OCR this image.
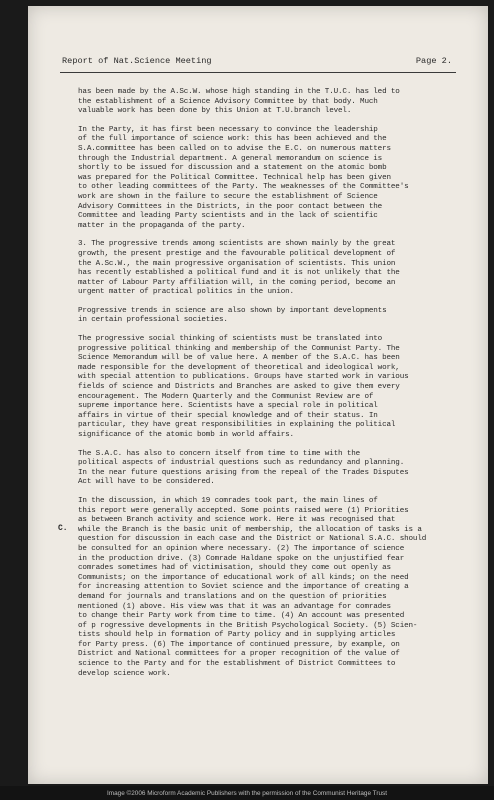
Report of Nat.Science Meeting	Page 2.

has been made by the A.Sc.W. whose high standing in the T.U.C. has led to
the establishment of a Science Advisory Committee by that body. Much
valuable work has been done by this Union at T.U.branch level.

In the Party, it has first been necessary to convince the leadership
of the full importance of science work: this has been achieved and the
S.A.committee has been called on to advise the E.C. on numerous matters
through the Industrial department. A general memorandum on science is
shortly to be issued for discussion and a statement on the atomic bomb
was prepared for the Political Committee. Technical help has been given
to other leading committees of the Party. The weaknesses of the Committee's
work are shown in the failure to secure the establishment of Science
Advisory Committees in the Districts, in the poor contact between the
Committee and leading Party scientists and in the lack of scientific
matter in the propaganda of the party.

3. The progressive trends among scientists are shown mainly by the great
growth, the present prestige and the favourable political development of
the A.Sc.W., the main progressive organisation of scientists. This union
has recently established a political fund and it is not unlikely that the
matter of Labour Party affiliation will, in the coming period, become an
urgent matter of practical politics in the union.

Progressive trends in science are also shown by important developments
in certain professional societies.

The progressive social thinking of scientists must be translated into
progressive political thinking and membership of the Communist Party. The
Science Memorandum will be of value here. A member of the S.A.C. has been
made responsible for the development of theoretical and ideological work,
with special attention to publications. Groups have started work in various
fields of science and Districts and Branches are asked to give them every
encouragement. The Modern Quarterly and the Communist Review are of
supreme importance here. Scientists have a special role in political
affairs in virtue of their special knowledge and of their status. In
particular, they have great responsibilities in explaining the political
significance of the atomic bomb in world affairs.

The S.A.C. has also to concern itself from time to time with the
political aspects of industrial questions such as redundancy and planning.
In the near future questions arising from the repeal of the Trades Disputes
Act will have to be considered.

In the discussion, in which 19 comrades took part, the main lines of
this report were generally accepted. Some points raised were (1) Priorities
as between Branch activity and science work. Here it was recognised that
while the Branch is the basic unit of membership, the allocation of tasks is a
question for discussion in each case and the District or National S.A.C. should
be consulted for an opinion where necessary. (2) The importance of science
in the production drive. (3) Comrade Haldane spoke on the unjustified fear
comrades sometimes had of victimisation, should they come out openly as
Communists; on the importance of educational work of all kinds; on the need
for increasing attention to Soviet science and the importance of creating a
demand for journals and translations and on the question of priorities
mentioned (1) above. His view was that it was an advantage for comrades
to change their Party work from time to time. (4) An account was presented
of p rogressive developments in the British Psychological Society. (5) Scien-
tists should help in formation of Party policy and in supplying articles
for Party press. (6) The importance of continued pressure, by example, on
District and National committees for a proper recognition of the value of
science to the Party and for the establishment of District Committees to
develop science work.

C.
Image ©2006 Microform Academic Publishers with the permission of the Communist Heritage Trust
